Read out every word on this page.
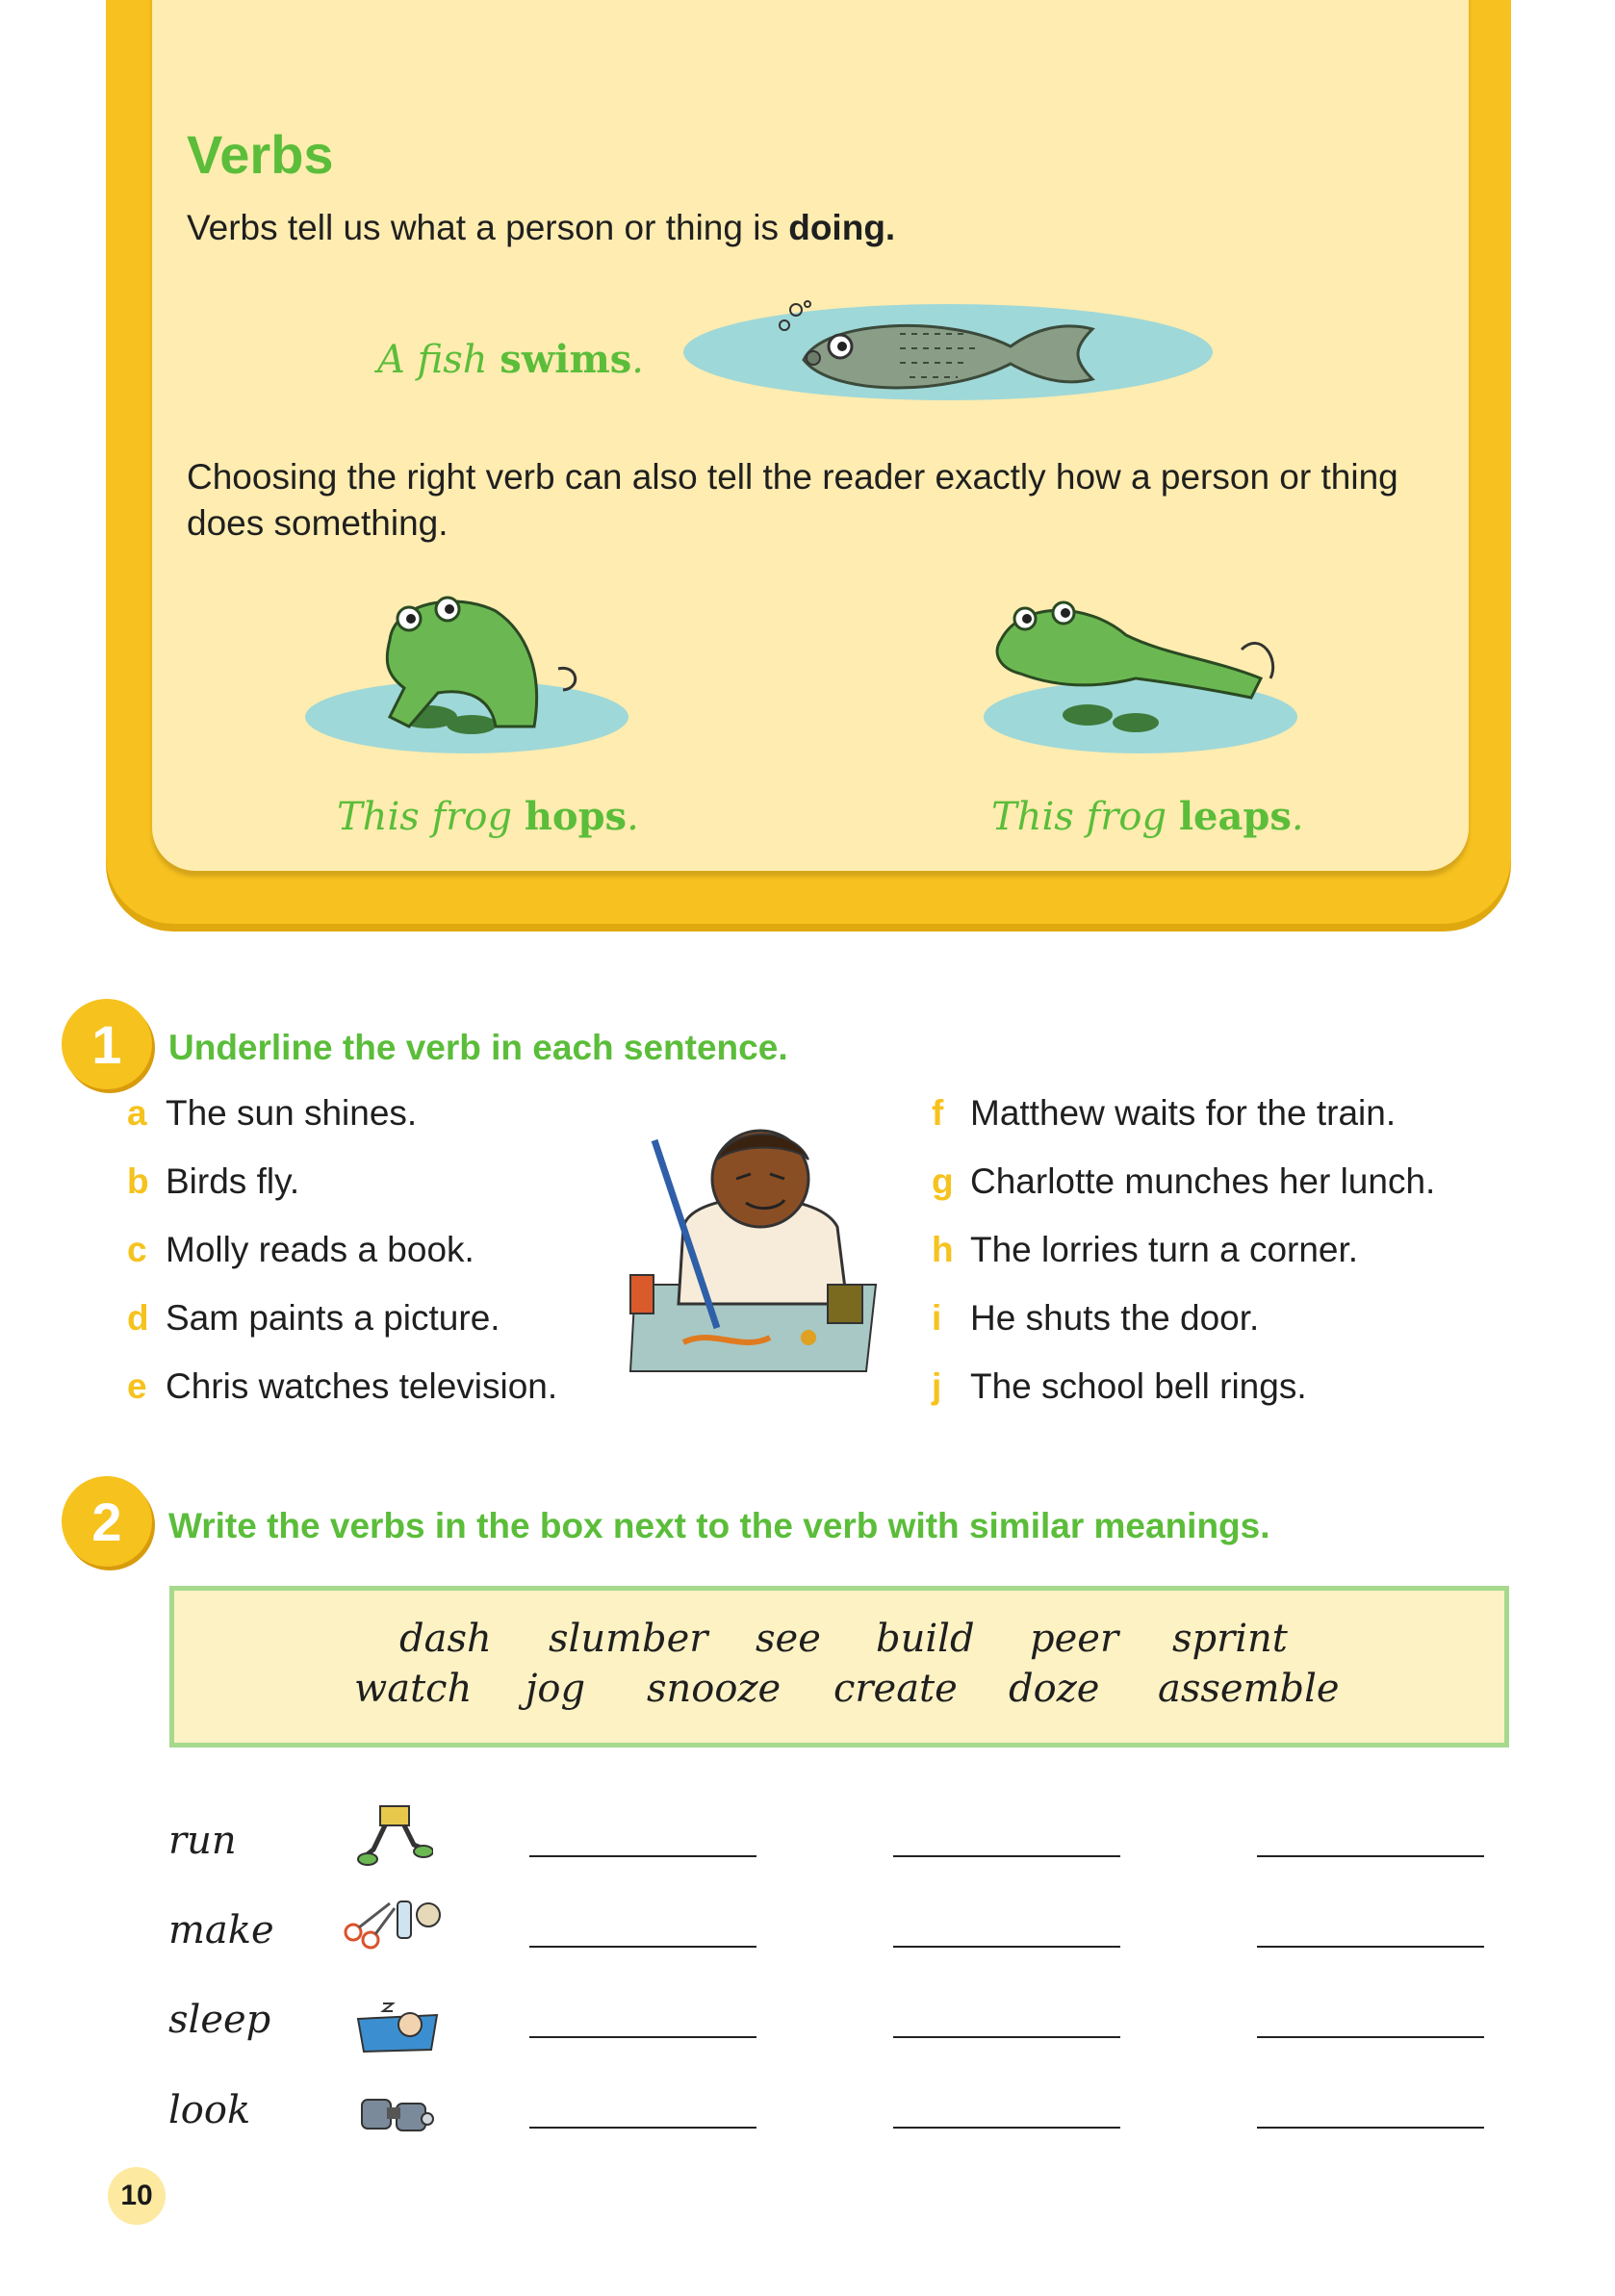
Verbs
Verbs tell us what a person or thing is doing.
A fish swims.
Choosing the right verb can also tell the reader exactly how a person or thing does something.
This frog hops.	This frog leaps.
1	Underline the verb in each sentence.
a The sun shines.
b Birds fly.
c Molly reads a book.
d Sam paints a picture.
e Chris watches television.
f Matthew waits for the train.
g Charlotte munches her lunch.
h The lorries turn a corner.
i He shuts the door.
j The school bell rings.
2	Write the verbs in the box next to the verb with similar meanings.
dash slumber see build peer sprint
watch jog snooze create doze assemble
run
make
sleep
look
10
